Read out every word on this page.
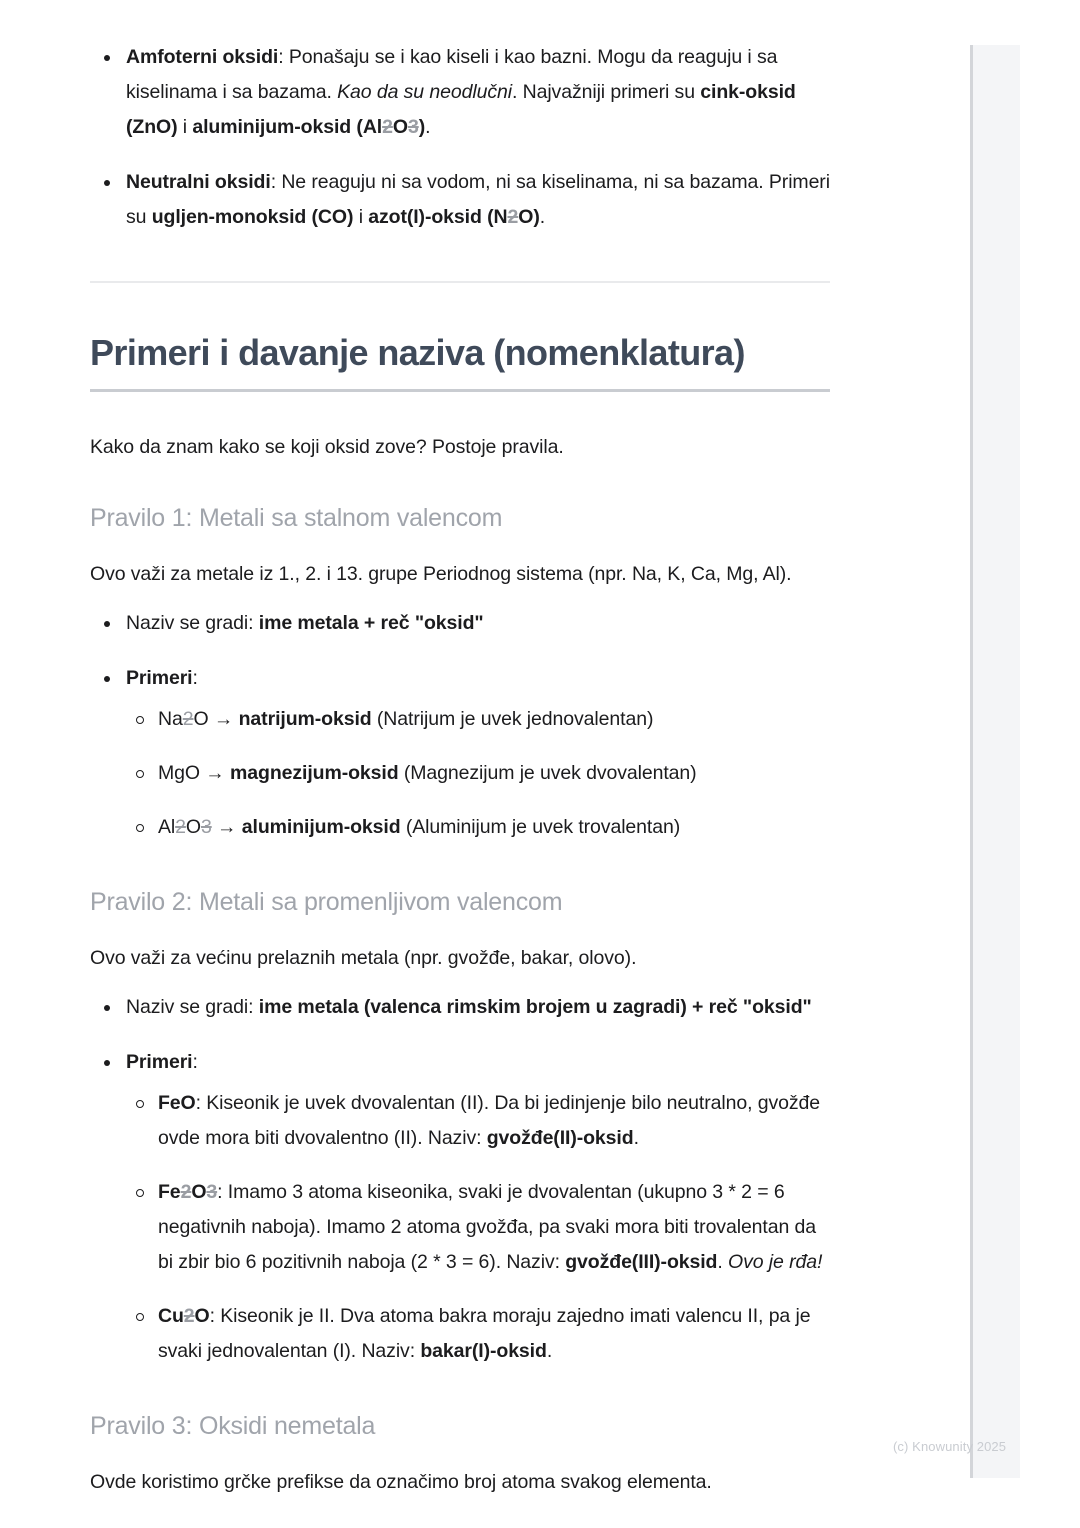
Amfoterni oksidi: Ponašaju se i kao kiseli i kao bazni. Mogu da reaguju i sa kiselinama i sa bazama. Kao da su neodlučni. Najvažniji primeri su cink-oksid (ZnO) i aluminijum-oksid (Al2O3).
Neutralni oksidi: Ne reaguju ni sa vodom, ni sa kiselinama, ni sa bazama. Primeri su ugljen-monoksid (CO) i azot(I)-oksid (N2O).
Primeri i davanje naziva (nomenklatura)

Kako da znam kako se koji oksid zove? Postoje pravila.

Pravilo 1: Metali sa stalnom valencom

Ovo važi za metale iz 1., 2. i 13. grupe Periodnog sistema (npr. Na, K, Ca, Mg, Al).

Naziv se gradi: ime metala + reč "oksid"
Primeri:
Na2O → natrijum-oksid (Natrijum je uvek jednovalentan)
MgO → magnezijum-oksid (Magnezijum je uvek dvovalentan)
Al2O3 → aluminijum-oksid (Aluminijum je uvek trovalentan)
Pravilo 2: Metali sa promenljivom valencom

Ovo važi za većinu prelaznih metala (npr. gvožđe, bakar, olovo).

Naziv se gradi: ime metala (valenca rimskim brojem u zagradi) + reč "oksid"
Primeri:
FeO: Kiseonik je uvek dvovalentan (II). Da bi jedinjenje bilo neutralno, gvožđe ovde mora biti dvovalentno (II). Naziv: gvožđe(II)-oksid.
Fe2O3: Imamo 3 atoma kiseonika, svaki je dvovalentan (ukupno 3 * 2 = 6 negativnih naboja). Imamo 2 atoma gvožđa, pa svaki mora biti trovalentan da bi zbir bio 6 pozitivnih naboja (2 * 3 = 6). Naziv: gvožđe(III)-oksid. Ovo je rđa!
Cu2O: Kiseonik je II. Dva atoma bakra moraju zajedno imati valencu II, pa je svaki jednovalentan (I). Naziv: bakar(I)-oksid.
Pravilo 3: Oksidi nemetala

Ovde koristimo grčke prefikse da označimo broj atoma svakog elementa.

(c) Knowunity 2025
